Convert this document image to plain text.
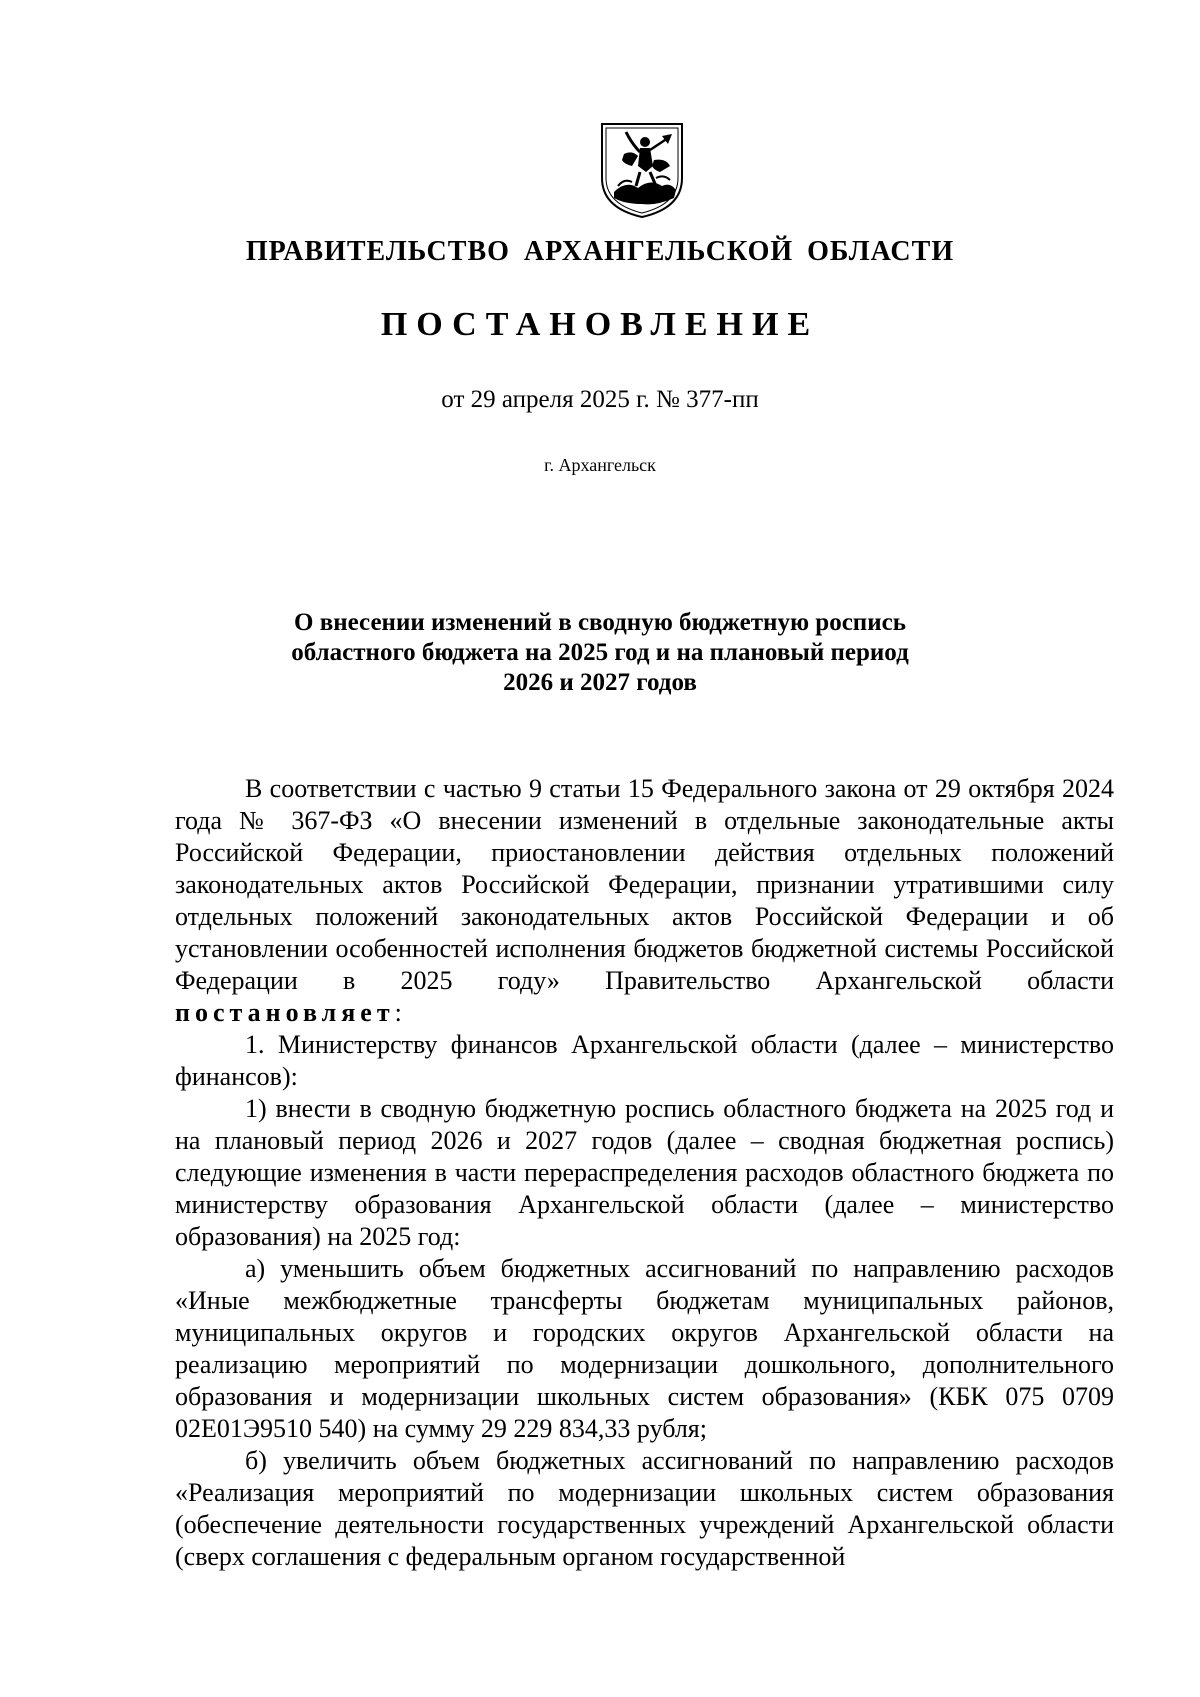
ПРАВИТЕЛЬСТВО АРХАНГЕЛЬСКОЙ ОБЛАСТИ
ПОСТАНОВЛЕНИЕ
от 29 апреля 2025 г. № 377-пп
г. Архангельск
О внесении изменений в сводную бюджетную роспись
областного бюджета на 2025 год и на плановый период
2026 и 2027 годов

В соответствии с частью 9 статьи 15 Федерального закона от 29 октября 2024 года № 367-ФЗ «О внесении изменений в отдельные законодательные акты Российской Федерации, приостановлении действия отдельных положений законодательных актов Российской Федерации, признании утратившими силу отдельных положений законодательных актов Российской Федерации и об установлении особенностей исполнения бюджетов бюджетной системы Российской Федерации в 2025 году» Правительство Архангельской области постановляет:

1. Министерству финансов Архангельской области (далее – министерство финансов):

1) внести в сводную бюджетную роспись областного бюджета на 2025 год и на плановый период 2026 и 2027 годов (далее – сводная бюджетная роспись) следующие изменения в части перераспределения расходов областного бюджета по министерству образования Архангельской области (далее – министерство образования) на 2025 год:

а) уменьшить объем бюджетных ассигнований по направлению расходов «Иные межбюджетные трансферты бюджетам муниципальных районов, муниципальных округов и городских округов Архангельской области на реализацию мероприятий по модернизации дошкольного, дополнительного образования и модернизации школьных систем образования» (КБК 075 0709 02Е01Э9510 540) на сумму 29 229 834,33 рубля;

б) увеличить объем бюджетных ассигнований по направлению расходов «Реализация мероприятий по модернизации школьных систем образования (обеспечение деятельности государственных учреждений Архангельской области (сверх соглашения с федеральным органом государственной
